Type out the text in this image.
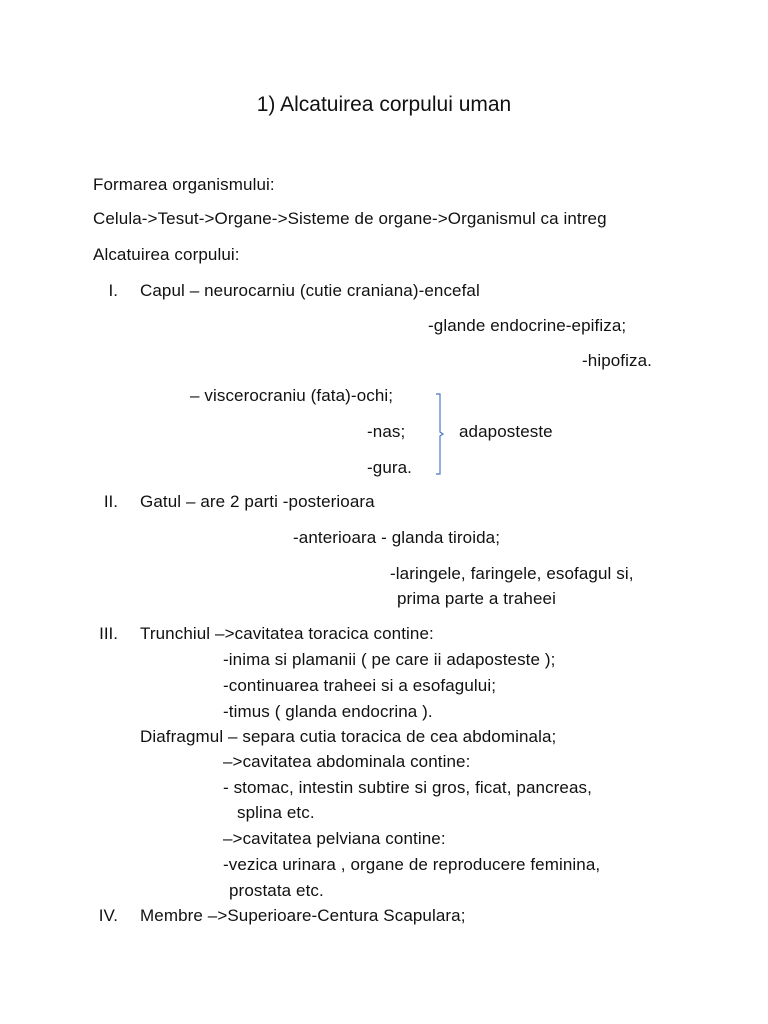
1) Alcatuirea corpului uman
Formarea organismului:
Celula->Tesut->Organe->Sisteme de organe->Organismul ca intreg
Alcatuirea corpului:
I. Capul – neurocarniu (cutie craniana)-encefal
-glande endocrine-epifiza;
-hipofiza.
– viscerocraniu (fata)-ochi;
-nas;
-gura.
adaposteste
II. Gatul – are 2 parti -posterioara
-anterioara - glanda tiroida;
-laringele, faringele, esofagul si,
prima parte a traheei
III. Trunchiul –>cavitatea toracica contine:
-inima si plamanii ( pe care ii adaposteste );
-continuarea traheei si a esofagului;
-timus ( glanda endocrina ).
Diafragmul – separa cutia toracica de cea abdominala;
–>cavitatea abdominala contine:
- stomac, intestin subtire si gros, ficat, pancreas,
splina etc.
–>cavitatea pelviana contine:
-vezica urinara , organe de reproducere feminina,
prostata etc.
IV. Membre –>Superioare-Centura Scapulara;
